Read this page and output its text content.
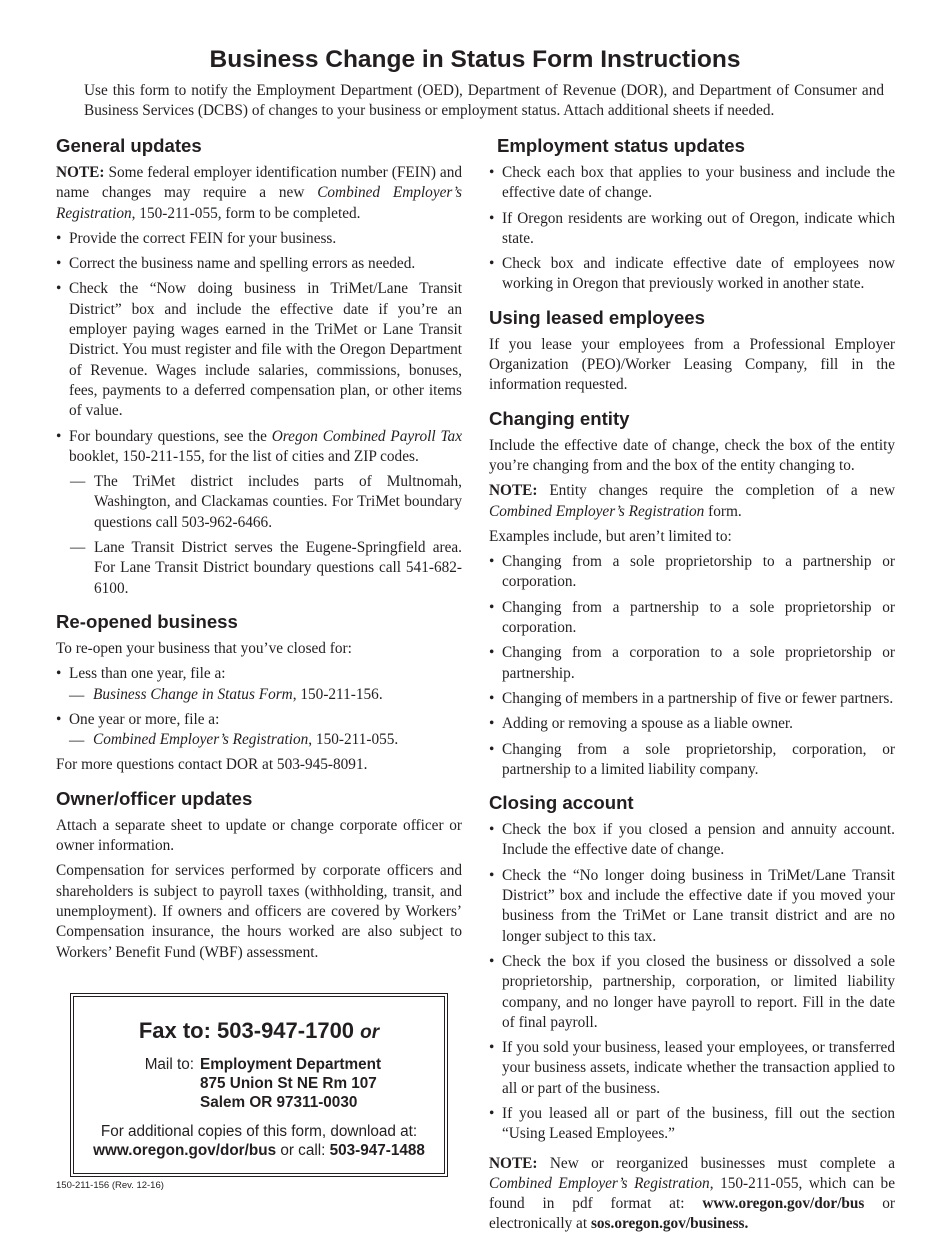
Business Change in Status Form Instructions

Use this form to notify the Employment Department (OED), Department of Revenue (DOR), and Department of Consumer and Business Services (DCBS) of changes to your business or employment status. Attach additional sheets if needed.

General updates

NOTE: Some federal employer identification number (FEIN) and name changes may require a new Combined Employer’s Registration, 150-211-055, form to be completed.

• Provide the correct FEIN for your business.
• Correct the business name and spelling errors as needed.
• Check the “Now doing business in TriMet/Lane Transit District” box and include the effective date if you’re an employer paying wages earned in the TriMet or Lane Transit District. You must register and file with the Oregon Department of Revenue. Wages include salaries, commissions, bonuses, fees, payments to a deferred compensation plan, or other items of value.
• For boundary questions, see the Oregon Combined Payroll Tax booklet, 150-211-155, for the list of cities and ZIP codes.
— The TriMet district includes parts of Multnomah, Washington, and Clackamas counties. For TriMet boundary questions call 503-962-6466.
— Lane Transit District serves the Eugene-Springfield area. For Lane Transit District boundary questions call 541-682-6100.
Re-opened business

To re-open your business that you’ve closed for:

• Less than one year, file a:
— Business Change in Status Form, 150-211-156.
• One year or more, file a:
— Combined Employer’s Registration, 150-211-055.

For more questions contact DOR at 503-945-8091.

Owner/officer updates

Attach a separate sheet to update or change corporate officer or owner information.

Compensation for services performed by corporate officers and shareholders is subject to payroll taxes (withholding, transit, and unemployment). If owners and officers are covered by Workers’ Compensation insurance, the hours worked are also subject to Workers’ Benefit Fund (WBF) assessment.

Fax to: 503-947-1700 or
Mail to: Employment Department
875 Union St NE Rm 107
Salem OR 97311-0030
For additional copies of this form, download at:
www.oregon.gov/dor/bus or call: 503-947-1488
150-211-156 (Rev. 12-16)
Employment status updates
• Check each box that applies to your business and include the effective date of change.
• If Oregon residents are working out of Oregon, indicate which state.
• Check box and indicate effective date of employees now working in Oregon that previously worked in another state.
Using leased employees

If you lease your employees from a Professional Employer Organization (PEO)/Worker Leasing Company, fill in the information requested.

Changing entity

Include the effective date of change, check the box of the entity you’re changing from and the box of the entity changing to.

NOTE: Entity changes require the completion of a new Combined Employer’s Registration form.

Examples include, but aren’t limited to:

• Changing from a sole proprietorship to a partnership or corporation.
• Changing from a partnership to a sole proprietorship or corporation.
• Changing from a corporation to a sole proprietorship or partnership.
• Changing of members in a partnership of five or fewer partners.
• Adding or removing a spouse as a liable owner.
• Changing from a sole proprietorship, corporation, or partnership to a limited liability company.
Closing account
• Check the box if you closed a pension and annuity account. Include the effective date of change.
• Check the “No longer doing business in TriMet/Lane Transit District” box and include the effective date if you moved your business from the TriMet or Lane transit district and are no longer subject to this tax.
• Check the box if you closed the business or dissolved a sole proprietorship, partnership, corporation, or limited liability company, and no longer have payroll to report. Fill in the date of final payroll.
• If you sold your business, leased your employees, or transferred your business assets, indicate whether the transaction applied to all or part of the business.
• If you leased all or part of the business, fill out the section “Using Leased Employees.”

NOTE: New or reorganized businesses must complete a Combined Employer’s Registration, 150-211-055, which can be found in pdf format at: www.oregon.gov/dor/bus or electronically at sos.oregon.gov/business.
